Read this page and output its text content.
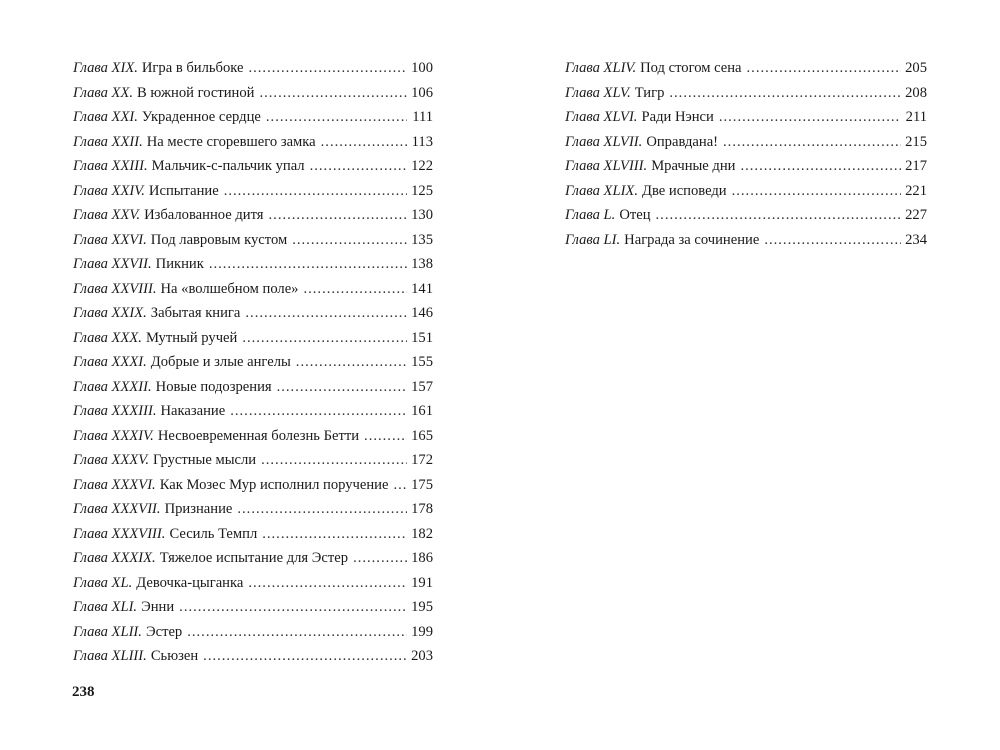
Глава XIX. Игра в бильбоке .....	100
Глава XX. В южной гостиной .....	106
Глава XXI. Украденное сердце .....	111
Глава XXII. На месте сгоревшего замка .....	113
Глава XXIII. Мальчик-с-пальчик упал .....	122
Глава XXIV. Испытание .....	125
Глава XXV. Избалованное дитя .....	130
Глава XXVI. Под лавровым кустом .....	135
Глава XXVII. Пикник .....	138
Глава XXVIII. На «волшебном поле» .....	141
Глава XXIX. Забытая книга .....	146
Глава XXX. Мутный ручей .....	151
Глава XXXI. Добрые и злые ангелы .....	155
Глава XXXII. Новые подозрения .....	157
Глава XXXIII. Наказание .....	161
Глава XXXIV. Несвоевременная болезнь Бетти .....	165
Глава XXXV. Грустные мысли .....	172
Глава XXXVI. Как Мозес Мур исполнил поручение .....	175
Глава XXXVII. Признание .....	178
Глава XXXVIII. Сесиль Темпл .....	182
Глава XXXIX. Тяжелое испытание для Эстер .....	186
Глава XL. Девочка-цыганка .....	191
Глава XLI. Энни .....	195
Глава XLII. Эстер .....	199
Глава XLIII. Сьюзен .....	203
Глава XLIV. Под стогом сена .....	205
Глава XLV. Тигр .....	208
Глава XLVI. Ради Нэнси .....	211
Глава XLVII. Оправдана! .....	215
Глава XLVIII. Мрачные дни .....	217
Глава XLIX. Две исповеди .....	221
Глава L. Отец .....	227
Глава LI. Награда за сочинение .....	234
238
